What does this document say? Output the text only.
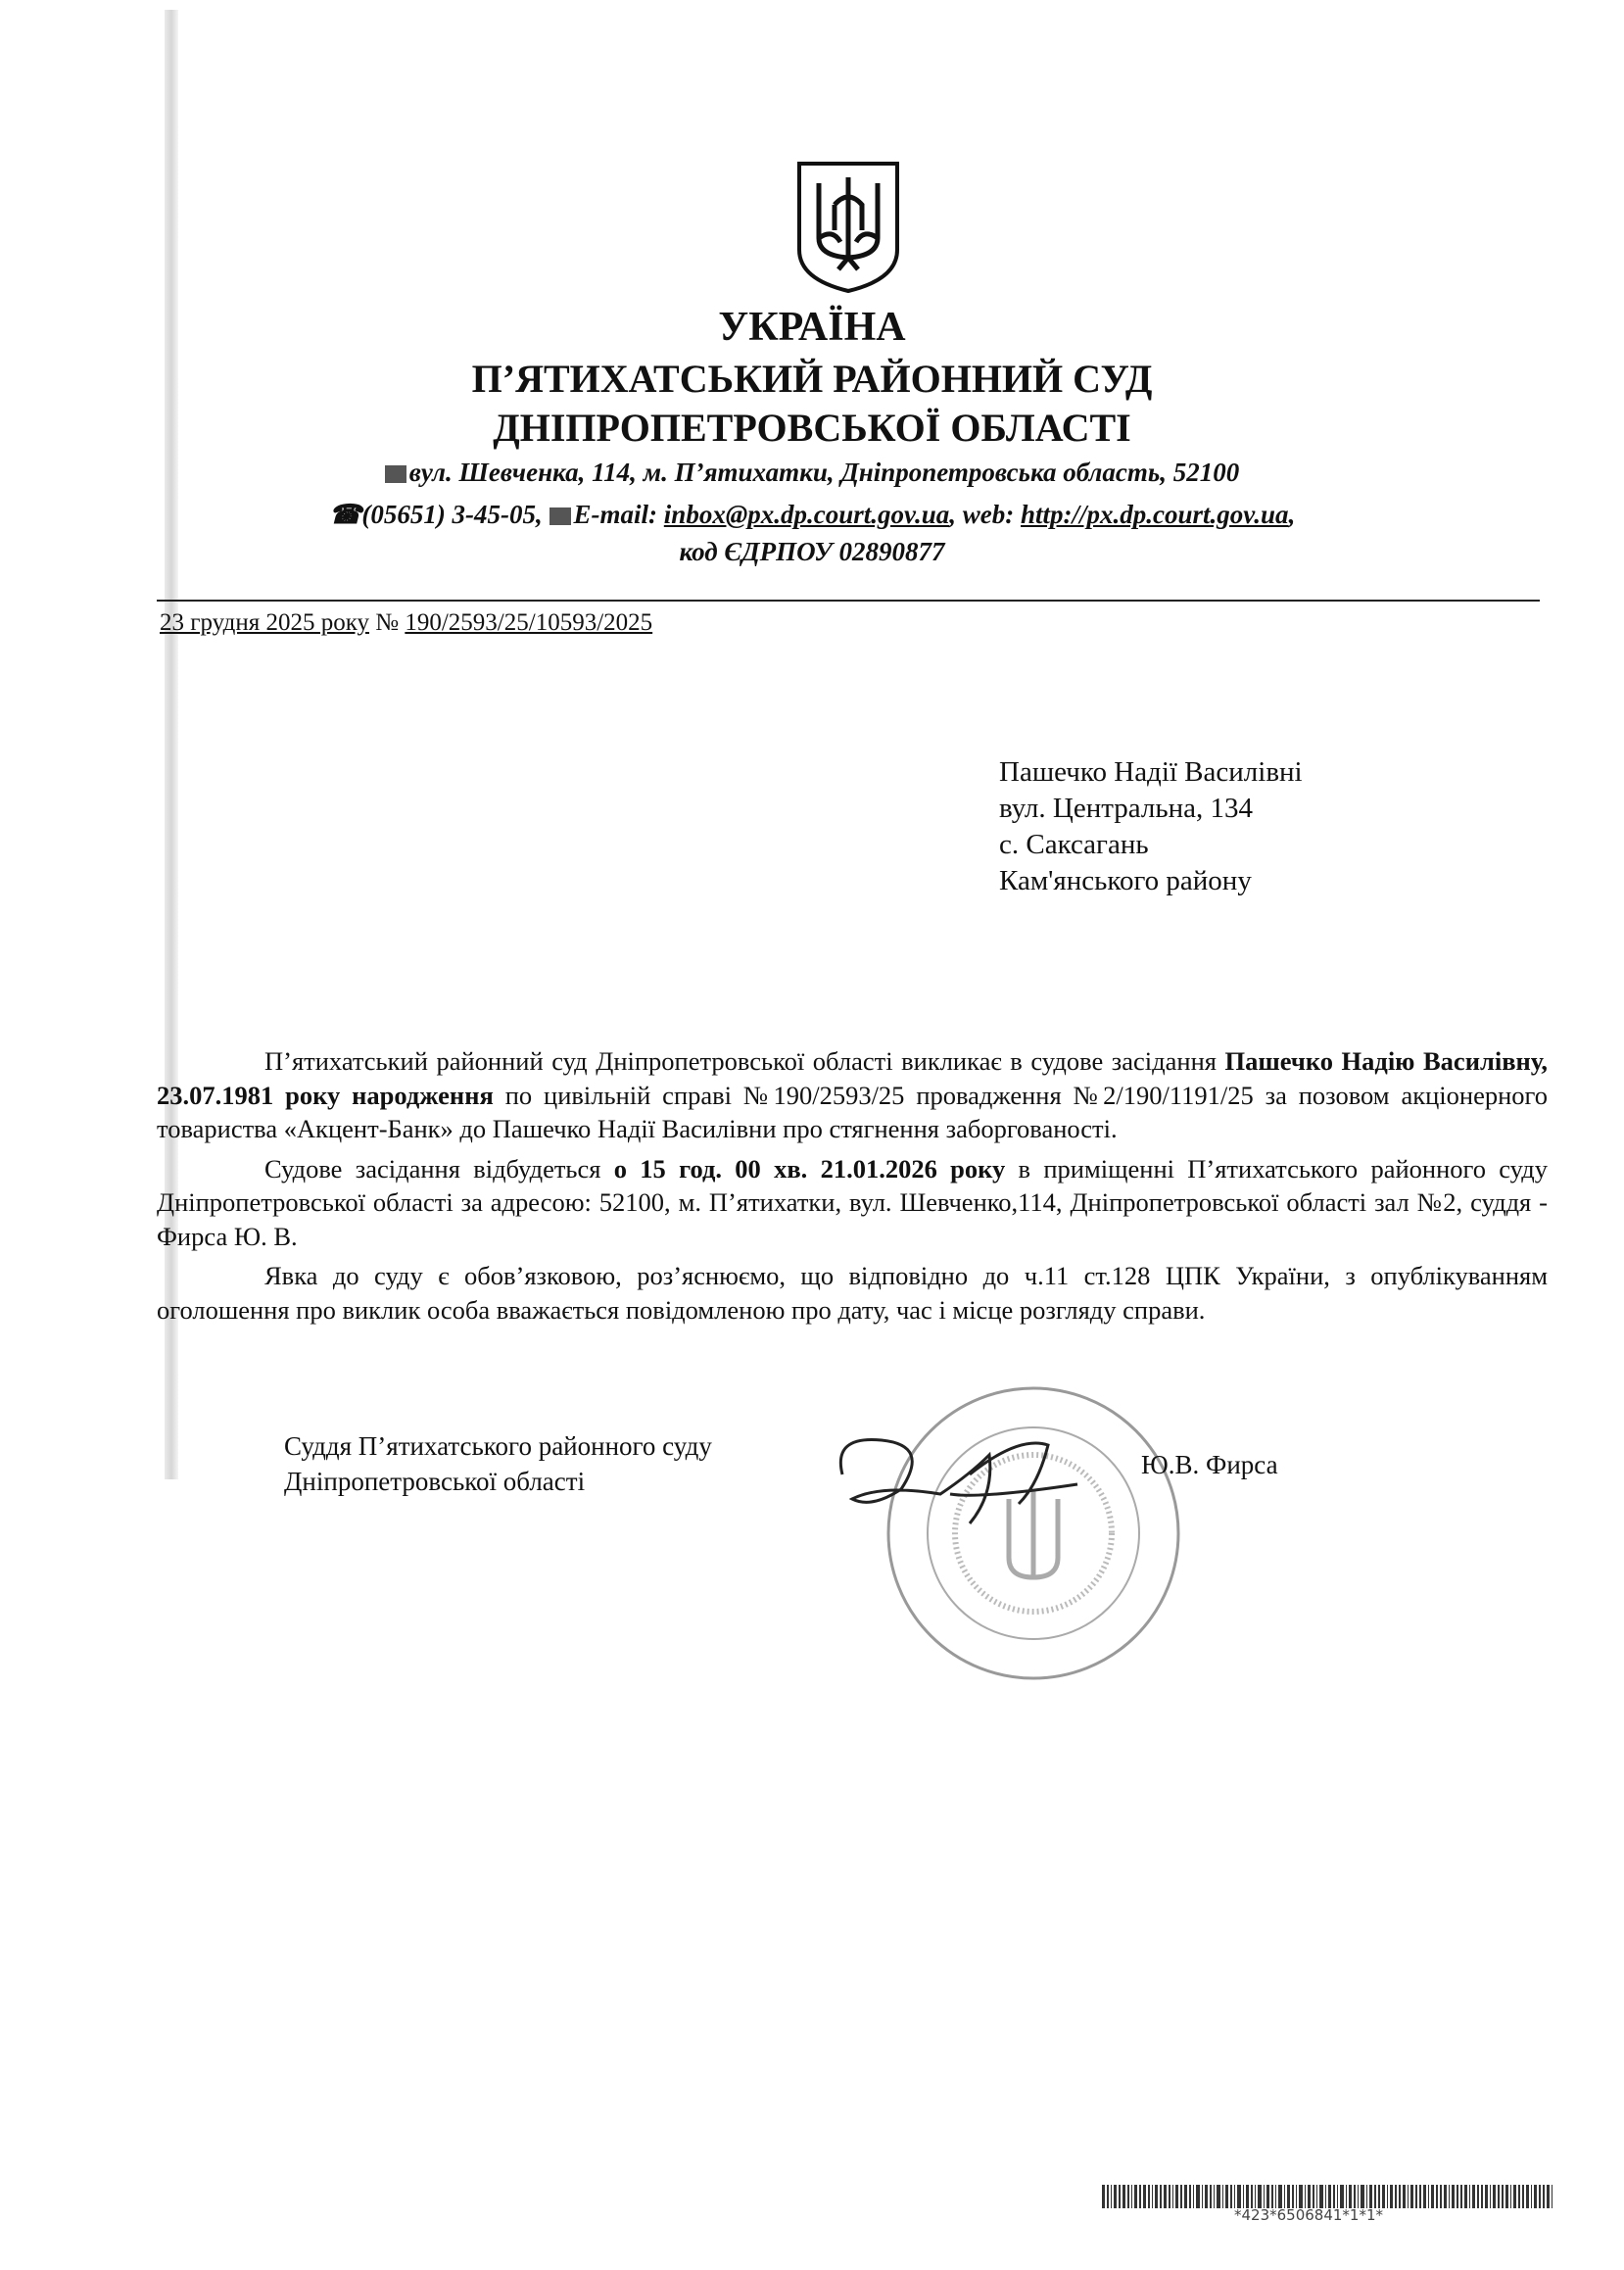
УКРАЇНА
П’ЯТИХАТСЬКИЙ РАЙОННИЙ СУД
ДНІПРОПЕТРОВСЬКОЇ ОБЛАСТІ
вул. Шевченка, 114, м. П’ятихатки, Дніпропетровська область, 52100
☎(05651) 3-45-05, E-mail: inbox@px.dp.court.gov.ua, web: http://px.dp.court.gov.ua,
код ЄДРПОУ 02890877
23 грудня 2025 року № 190/2593/25/10593/2025
Пашечко Надії Василівні
вул. Центральна, 134
с. Саксагань
Кам'янського району

П’ятихатський районний суд Дніпропетровської області викликає в судове засідання Пашечко Надію Василівну, 23.07.1981 року народження по цивільній справі №190/2593/25 провадження №2/190/1191/25 за позовом акціонерного товариства «Акцент-Банк» до Пашечко Надії Василівни про стягнення заборгованості.

Судове засідання відбудеться о 15 год. 00 хв. 21.01.2026 року в приміщенні П’ятихатського районного суду Дніпропетровської області за адресою: 52100, м. П’ятихатки, вул. Шевченко,114, Дніпропетровської області зал №2, суддя - Фирса Ю. В.

Явка до суду є обов’язковою, роз’яснюємо, що відповідно до ч.11 ст.128 ЦПК України, з опублікуванням оголошення про виклик особа вважається повідомленою про дату, час і місце розгляду справи.

Суддя П’ятихатського районного суду
Дніпропетровської області
Ю.В. Фирса
*423*6506841*1*1*
